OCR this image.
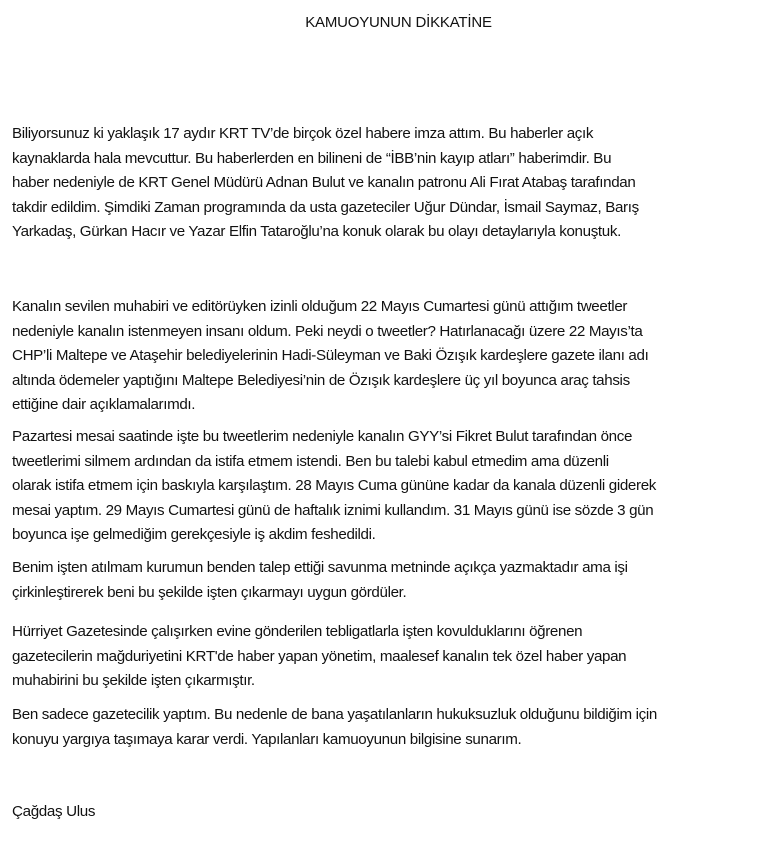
KAMUOYUNUN DİKKATİNE
Biliyorsunuz ki yaklaşık 17 aydır KRT TV’de birçok özel habere imza attım. Bu haberler açık
kaynaklarda hala mevcuttur. Bu haberlerden en bilineni de “İBB’nin kayıp atları” haberimdir. Bu
haber nedeniyle de KRT Genel Müdürü Adnan Bulut ve kanalın patronu Ali Fırat Atabaş tarafından
takdir edildim. Şimdiki Zaman programında da usta gazeteciler Uğur Dündar, İsmail Saymaz, Barış
Yarkadaş, Gürkan Hacır ve Yazar Elfin Tataroğlu’na konuk olarak bu olayı detaylarıyla konuştuk.
Kanalın sevilen muhabiri ve editörüyken izinli olduğum 22 Mayıs Cumartesi günü attığım tweetler
nedeniyle kanalın istenmeyen insanı oldum. Peki neydi o tweetler? Hatırlanacağı üzere 22 Mayıs’ta
CHP’li Maltepe ve Ataşehir belediyelerinin Hadi-Süleyman ve Baki Özışık kardeşlere gazete ilanı adı
altında ödemeler yaptığını Maltepe Belediyesi’nin de Özışık kardeşlere üç yıl boyunca araç tahsis
ettiğine dair açıklamalarımdı.
Pazartesi mesai saatinde işte bu tweetlerim nedeniyle kanalın GYY’si Fikret Bulut tarafından önce
tweetlerimi silmem ardından da istifa etmem istendi. Ben bu talebi kabul etmedim ama düzenli
olarak istifa etmem için baskıyla karşılaştım. 28 Mayıs Cuma gününe kadar da kanala düzenli giderek
mesai yaptım. 29 Mayıs Cumartesi günü de haftalık iznimi kullandım. 31 Mayıs günü ise sözde 3 gün
boyunca işe gelmediğim gerekçesiyle iş akdim feshedildi.
Benim işten atılmam kurumun benden talep ettiği savunma metninde açıkça yazmaktadır ama işi
çirkinleştirerek beni bu şekilde işten çıkarmayı uygun gördüler.
Hürriyet Gazetesinde çalışırken evine gönderilen tebligatlarla işten kovulduklarını öğrenen
gazetecilerin mağduriyetini KRT'de haber yapan yönetim, maalesef kanalın tek özel haber yapan
muhabirini bu şekilde işten çıkarmıştır.
Ben sadece gazetecilik yaptım. Bu nedenle de bana yaşatılanların hukuksuzluk olduğunu bildiğim için
konuyu yargıya taşımaya karar verdi. Yapılanları kamuoyunun bilgisine sunarım.
Çağdaş Ulus
